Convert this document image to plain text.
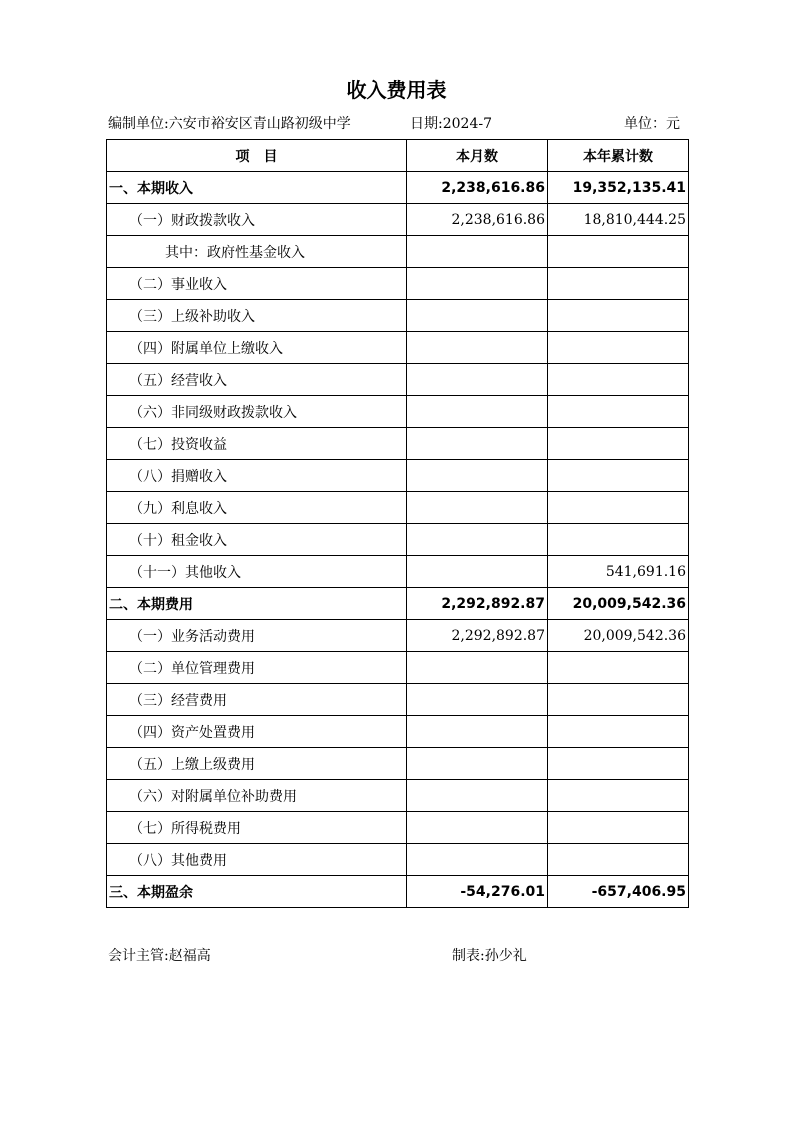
收入费用表
编制单位:六安市裕安区青山路初级中学	日期:2024-7	单位：元
项　目	本月数	本年累计数
一、本期收入	2,238,616.86	19,352,135.41
（一）财政拨款收入	2,238,616.86	18,810,444.25
其中：政府性基金收入		
（二）事业收入		
（三）上级补助收入		
（四）附属单位上缴收入		
（五）经营收入		
（六）非同级财政拨款收入		
（七）投资收益		
（八）捐赠收入		
（九）利息收入		
（十）租金收入		
（十一）其他收入		541,691.16
二、本期费用	2,292,892.87	20,009,542.36
（一）业务活动费用	2,292,892.87	20,009,542.36
（二）单位管理费用		
（三）经营费用		
（四）资产处置费用		
（五）上缴上级费用		
（六）对附属单位补助费用		
（七）所得税费用		
（八）其他费用		
三、本期盈余	-54,276.01	-657,406.95
会计主管:赵福高	制表:孙少礼
